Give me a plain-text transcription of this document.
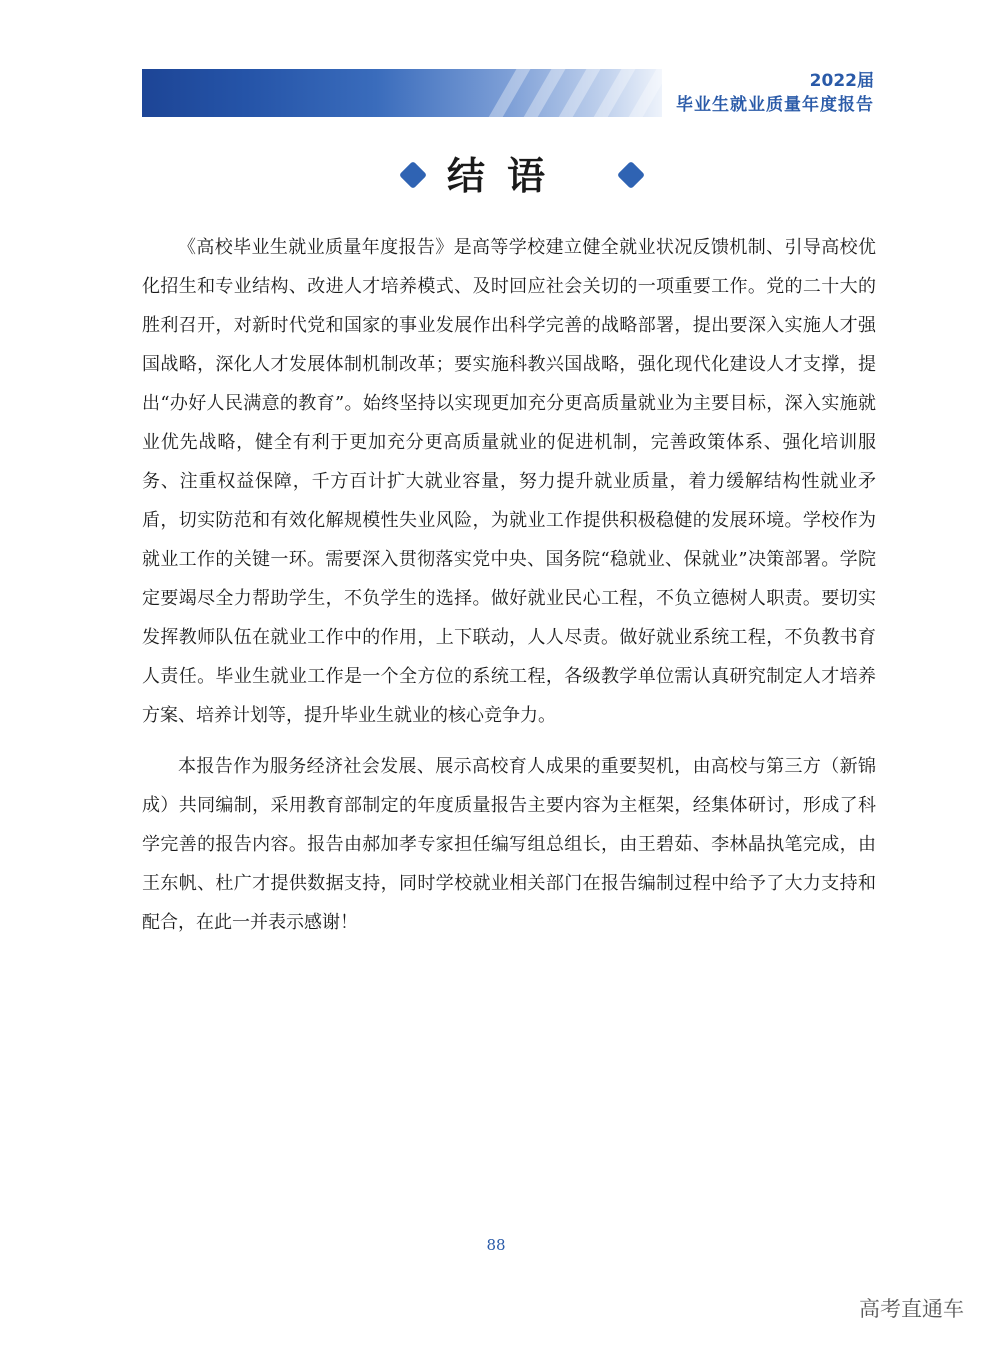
2022届
毕业生就业质量年度报告
结语

《高校毕业生就业质量年度报告》是高等学校建立健全就业状况反馈机制、引导高校优化招生和专业结构、改进人才培养模式、及时回应社会关切的一项重要工作。党的二十大的胜利召开，对新时代党和国家的事业发展作出科学完善的战略部署，提出要深入实施人才强国战略，深化人才发展体制机制改革；要实施科教兴国战略，强化现代化建设人才支撑，提出“办好人民满意的教育”。始终坚持以实现更加充分更高质量就业为主要目标，深入实施就业优先战略，健全有利于更加充分更高质量就业的促进机制，完善政策体系、强化培训服务、注重权益保障，千方百计扩大就业容量，努力提升就业质量，着力缓解结构性就业矛盾，切实防范和有效化解规模性失业风险，为就业工作提供积极稳健的发展环境。学校作为就业工作的关键一环。需要深入贯彻落实党中央、国务院“稳就业、保就业”决策部署。学院定要竭尽全力帮助学生，不负学生的选择。做好就业民心工程，不负立德树人职责。要切实发挥教师队伍在就业工作中的作用，上下联动，人人尽责。做好就业系统工程，不负教书育人责任。毕业生就业工作是一个全方位的系统工程，各级教学单位需认真研究制定人才培养方案、培养计划等，提升毕业生就业的核心竞争力。

本报告作为服务经济社会发展、展示高校育人成果的重要契机，由高校与第三方（新锦成）共同编制，采用教育部制定的年度质量报告主要内容为主框架，经集体研讨，形成了科学完善的报告内容。报告由郝加孝专家担任编写组总组长，由王碧茹、李林晶执笔完成，由王东帆、杜广才提供数据支持，同时学校就业相关部门在报告编制过程中给予了大力支持和配合，在此一并表示感谢！

88
高考直通车
